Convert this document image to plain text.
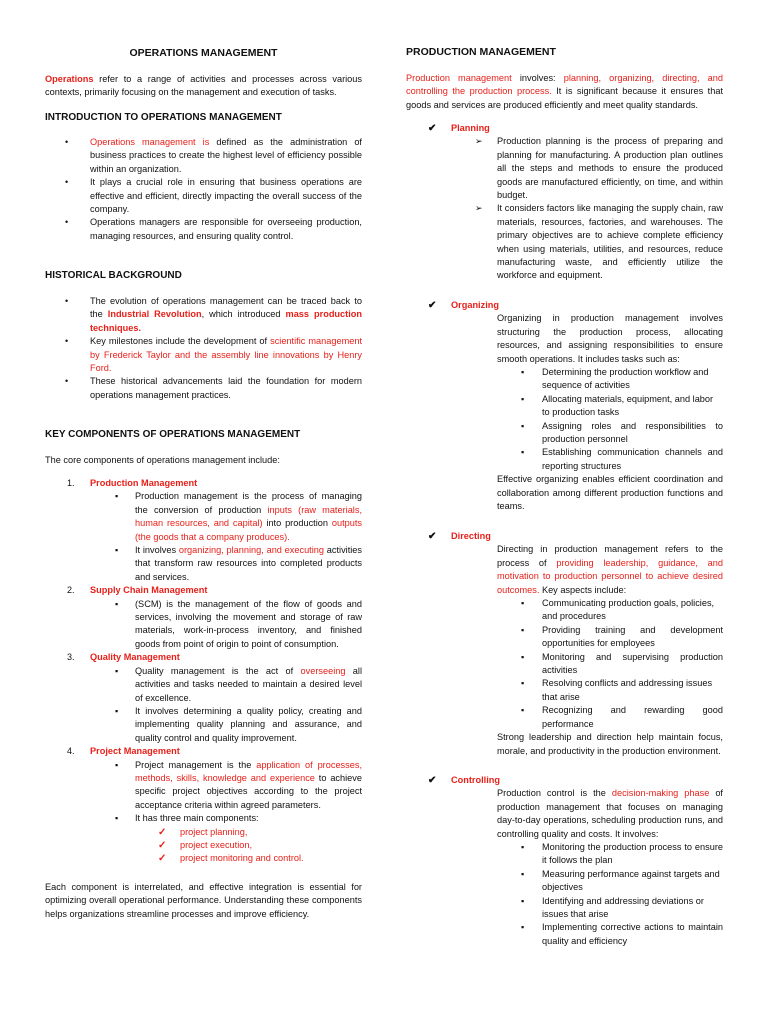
OPERATIONS MANAGEMENT

Operations refer to a range of activities and processes across various contexts, primarily focusing on the management and execution of tasks.

INTRODUCTION TO OPERATIONS MANAGEMENT
• Operations management is defined as the administration of business practices to create the highest level of efficiency possible within an organization.
• It plays a crucial role in ensuring that business operations are effective and efficient, directly impacting the overall success of the company.
• Operations managers are responsible for overseeing production, managing resources, and ensuring quality control.
HISTORICAL BACKGROUND
• The evolution of operations management can be traced back to the Industrial Revolution, which introduced mass production techniques.
• Key milestones include the development of scientific management by Frederick Taylor and the assembly line innovations by Henry Ford.
• These historical advancements laid the foundation for modern operations management practices.
KEY COMPONENTS OF OPERATIONS MANAGEMENT

The core components of operations management include:

1. Production Management
▪ Production management is the process of managing the conversion of production inputs (raw materials, human resources, and capital) into production outputs (the goods that a company produces).
▪ It involves organizing, planning, and executing activities that transform raw resources into completed products and services.
2. Supply Chain Management
▪ (SCM) is the management of the flow of goods and services, involving the movement and storage of raw materials, work-in-process inventory, and finished goods from point of origin to point of consumption.
3. Quality Management
▪ Quality management is the act of overseeing all activities and tasks needed to maintain a desired level of excellence.
▪ It involves determining a quality policy, creating and implementing quality planning and assurance, and quality control and quality improvement.
4. Project Management
▪ Project management is the application of processes, methods, skills, knowledge and experience to achieve specific project objectives according to the project acceptance criteria within agreed parameters.
▪ It has three main components:
✓ project planning,
✓ project execution,
✓ project monitoring and control.

Each component is interrelated, and effective integration is essential for optimizing overall operational performance. Understanding these components helps organizations streamline processes and improve efficiency.

PRODUCTION MANAGEMENT

Production management involves: planning, organizing, directing, and controlling the production process. It is significant because it ensures that goods and services are produced efficiently and meet quality standards.

✔ Planning
➢ Production planning is the process of preparing and planning for manufacturing. A production plan outlines all the steps and methods to ensure the produced goods are manufactured efficiently, on time, and within budget.
➢ It considers factors like managing the supply chain, raw materials, resources, factories, and warehouses. The primary objectives are to achieve complete efficiency when using materials, utilities, and resources, reduce manufacturing waste, and efficiently utilize the workforce and equipment.
✔ Organizing

Organizing in production management involves structuring the production process, allocating resources, and assigning responsibilities to ensure smooth operations. It includes tasks such as:

▪ Determining the production workflow and sequence of activities
▪ Allocating materials, equipment, and labor to production tasks
▪ Assigning roles and responsibilities to production personnel
▪ Establishing communication channels and reporting structures

Effective organizing enables efficient coordination and collaboration among different production functions and teams.

✔ Directing

Directing in production management refers to the process of providing leadership, guidance, and motivation to production personnel to achieve desired outcomes. Key aspects include:

▪ Communicating production goals, policies, and procedures
▪ Providing training and development opportunities for employees
▪ Monitoring and supervising production activities
▪ Resolving conflicts and addressing issues that arise
▪ Recognizing and rewarding good performance

Strong leadership and direction help maintain focus, morale, and productivity in the production environment.

✔ Controlling

Production control is the decision-making phase of production management that focuses on managing day-to-day operations, scheduling production runs, and controlling quality and costs. It involves:

▪ Monitoring the production process to ensure it follows the plan
▪ Measuring performance against targets and objectives
▪ Identifying and addressing deviations or issues that arise
▪ Implementing corrective actions to maintain quality and efficiency
